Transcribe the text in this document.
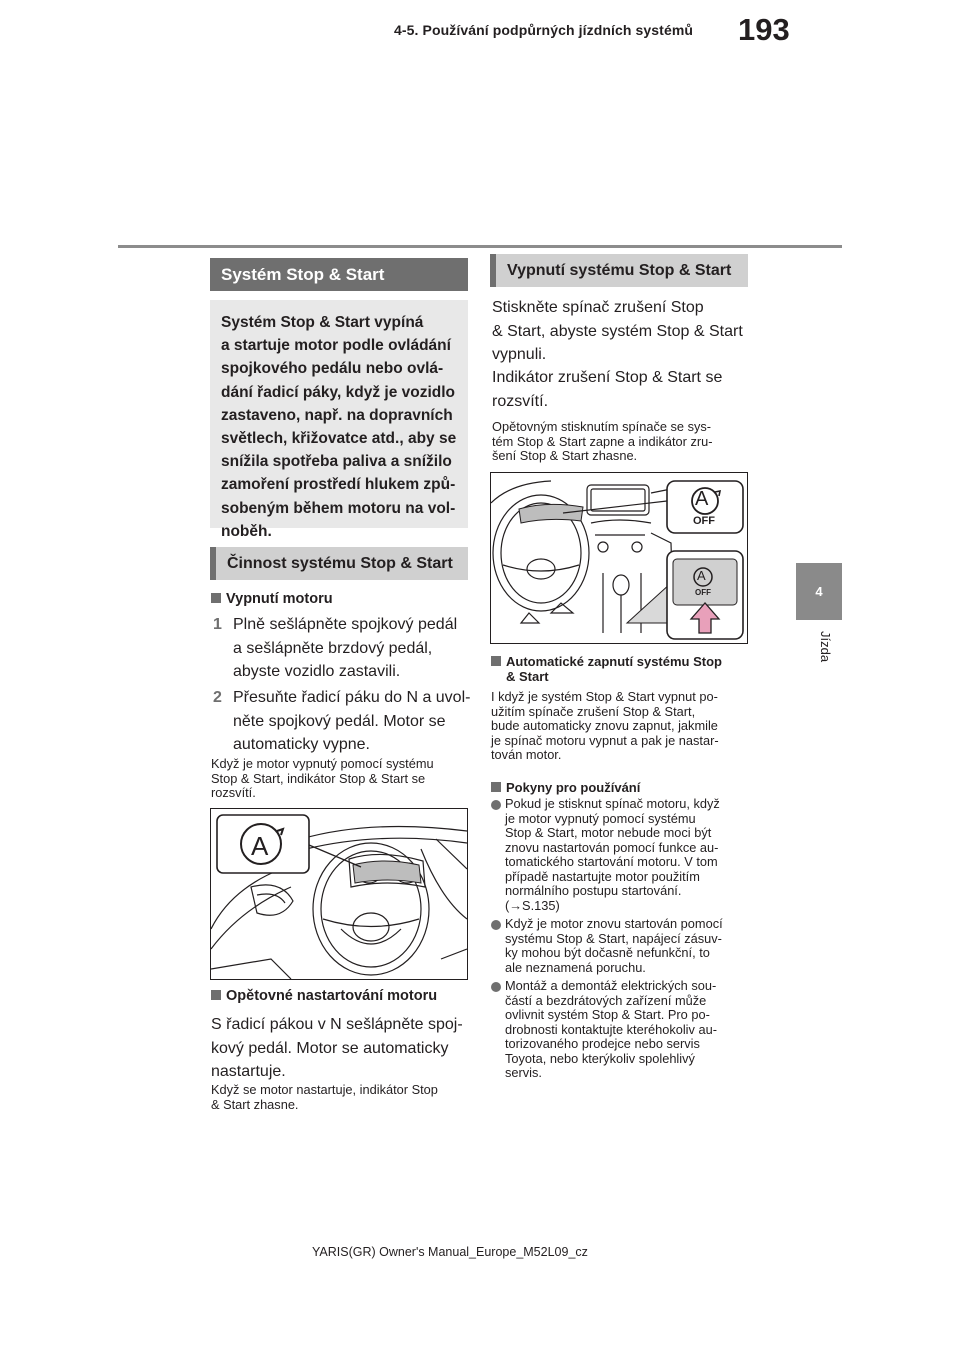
4-5. Používání podpůrných jízdních systémů 193
4
Jízda
Systém Stop & Start
Systém Stop & Start vypíná
a startuje motor podle ovládání
spojkového pedálu nebo ovlá-
dání řadicí páky, když je vozidlo
zastaveno, např. na dopravních
světlech, křižovatce atd., aby se
snížila spotřeba paliva a snížilo
zamoření prostředí hlukem způ-
sobeným během motoru na vol-
noběh.
Činnost systému Stop & Start
Vypnutí motoru
1 Plně sešlápněte spojkový pedál
a sešlápněte brzdový pedál,
abyste vozidlo zastavili.
2 Přesuňte řadicí páku do N a uvol-
něte spojkový pedál. Motor se
automaticky vypne.
Když je motor vypnutý pomocí systému
Stop & Start, indikátor Stop & Start se
rozsvítí.
A
Opětovné nastartování motoru
S řadicí pákou v N sešlápněte spoj-
kový pedál. Motor se automaticky
nastartuje.
Když se motor nastartuje, indikátor Stop
& Start zhasne.
Vypnutí systému Stop & Start
Stiskněte spínač zrušení Stop
& Start, abyste systém Stop & Start
vypnuli.
Indikátor zrušení Stop & Start se
rozsvítí.
Opětovným stisknutím spínače se sys-
tém Stop & Start zapne a indikátor zru-
šení Stop & Start zhasne.
A
OFF
A
OFF
Automatické zapnutí systému Stop
& Start
I když je systém Stop & Start vypnut po-
užitím spínače zrušení Stop & Start,
bude automaticky znovu zapnut, jakmile
je spínač motoru vypnut a pak je nastar-
tován motor.
Pokyny pro používání
Pokud je stisknut spínač motoru, když
je motor vypnutý pomocí systému
Stop & Start, motor nebude moci být
znovu nastartován pomocí funkce au-
tomatického startování motoru. V tom
případě nastartujte motor použitím
normálního postupu startování.
(→S.135)
Když je motor znovu startován pomocí
systému Stop & Start, napájecí zásuv-
ky mohou být dočasně nefunkční, to
ale neznamená poruchu.
Montáž a demontáž elektrických sou-
částí a bezdrátových zařízení může
ovlivnit systém Stop & Start. Pro po-
drobnosti kontaktujte kteréhokoliv au-
torizovaného prodejce nebo servis
Toyota, nebo kterýkoliv spolehlivý
servis.
YARIS(GR) Owner's Manual_Europe_M52L09_cz
